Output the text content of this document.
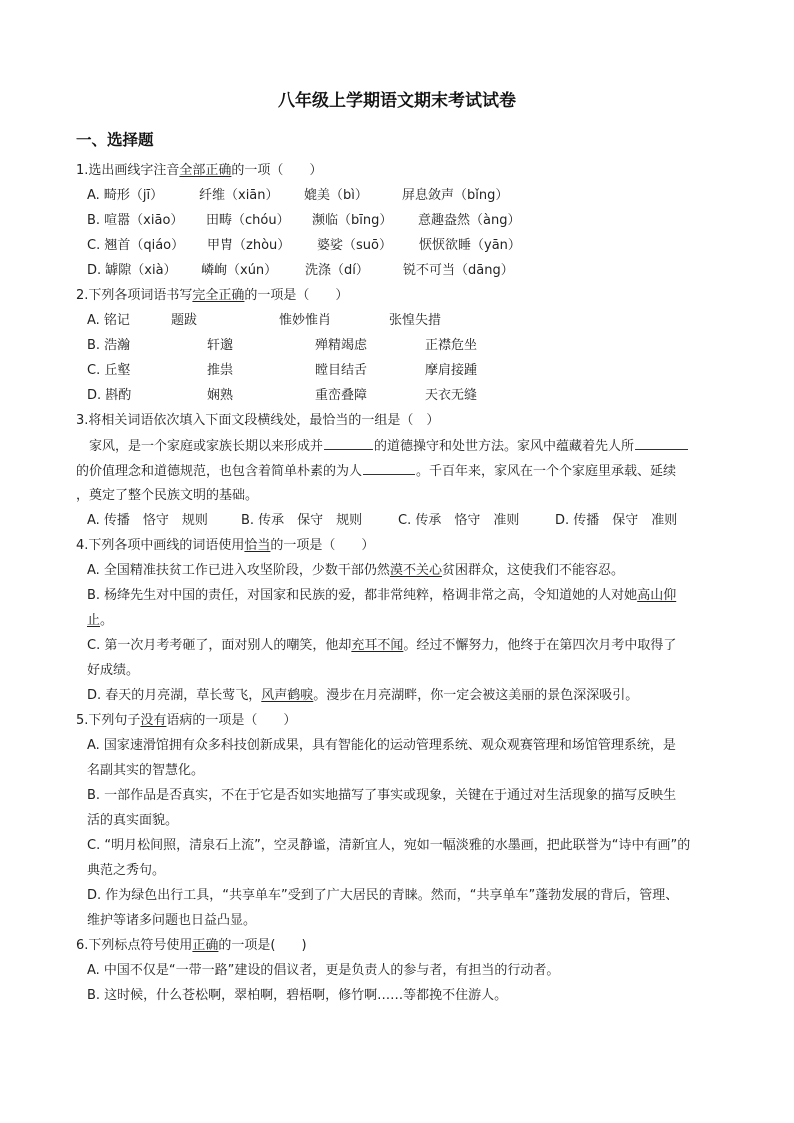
八年级上学期语文期末考试试卷
一、选择题
1.选出画线字注音全部正确的一项（　　）
A. 畸形（jī）	纤维（xiān）	媲美（bì）	屏息敛声（bǐng）
B. 喧嚣（xiāo）	田畴（chóu）	濒临（bīng）	意趣盎然（àng）
C. 翘首（qiáo）	甲胄（zhòu）	婆娑（suō）	恹恹欲睡（yān）
D. 罅隙（xià）	嶙峋（xún）	洗涤（dí）	锐不可当（dāng）
2.下列各项词语书写完全正确的一项是（　　）
A. 铭记	题跋	惟妙惟肖	张惶失措
B. 浩瀚	轩邈	殚精竭虑	正襟危坐
C. 丘壑	推祟	瞠目结舌	摩肩接踵
D. 斟酌	娴熟	重峦叠障	天衣无缝
3.将相关词语依次填入下面文段横线处，最恰当的一组是（　）
家风，是一个家庭或家族长期以来形成并	的道德操守和处世方法。家风中蕴藏着先人所
的价值理念和道德规范，也包含着简单朴素的为人	。千百年来，家风在一个个家庭里承载、延续
，奠定了整个民族文明的基础。
A. 传播　恪守　规则	B. 传承　保守　规则	C. 传承　恪守　准则	D. 传播　保守　准则
4.下列各项中画线的词语使用恰当的一项是（　　）
A. 全国精准扶贫工作已进入攻坚阶段，少数干部仍然漠不关心贫困群众，这使我们不能容忍。
B. 杨绛先生对中国的责任，对国家和民族的爱，都非常纯粹，格调非常之高，令知道她的人对她高山仰
止。
C. 第一次月考考砸了，面对别人的嘲笑，他却充耳不闻。经过不懈努力，他终于在第四次月考中取得了
好成绩。
D. 春天的月亮湖，草长莺飞，风声鹤唳。漫步在月亮湖畔，你一定会被这美丽的景色深深吸引。
5.下列句子没有语病的一项是（　　）
A. 国家速滑馆拥有众多科技创新成果，具有智能化的运动管理系统、观众观赛管理和场馆管理系统，是
名副其实的智慧化。
B. 一部作品是否真实，不在于它是否如实地描写了事实或现象，关键在于通过对生活现象的描写反映生
活的真实面貌。
C. “明月松间照，清泉石上流”，空灵静谧，清新宜人，宛如一幅淡雅的水墨画，把此联誉为“诗中有画”的
典范之秀句。
D. 作为绿色出行工具，“共享单车”受到了广大居民的青睐。然而，“共享单车”蓬勃发展的背后，管理、
维护等诸多问题也日益凸显。
6.下列标点符号使用正确的一项是(　　)
A. 中国不仅是“一带一路”建设的倡议者，更是负责人的参与者，有担当的行动者。
B. 这时候，什么苍松啊，翠柏啊，碧梧啊，修竹啊……等都挽不住游人。
